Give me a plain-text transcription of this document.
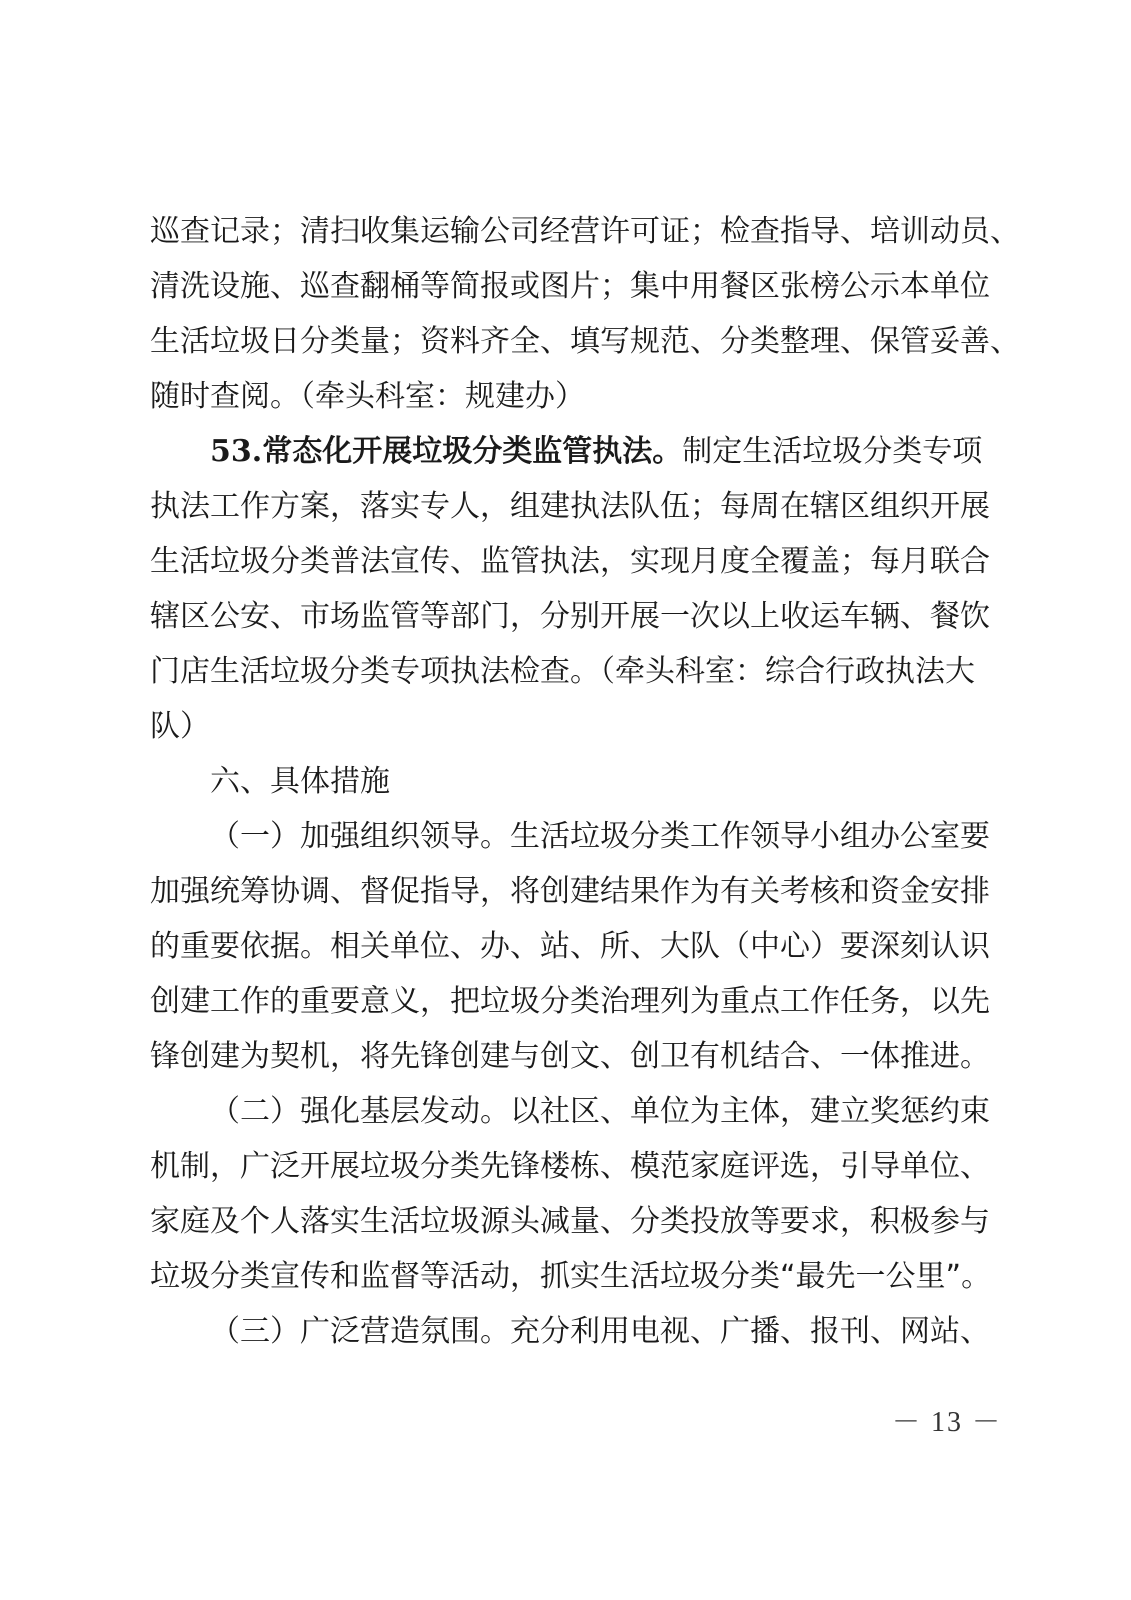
巡查记录；清扫收集运输公司经营许可证；检查指导、培训动员、
清洗设施、巡查翻桶等简报或图片；集中用餐区张榜公示本单位
生活垃圾日分类量；资料齐全、填写规范、分类整理、保管妥善、
随时查阅。（牵头科室：规建办）
53.常态化开展垃圾分类监管执法。制定生活垃圾分类专项
执法工作方案，落实专人，组建执法队伍；每周在辖区组织开展
生活垃圾分类普法宣传、监管执法，实现月度全覆盖；每月联合
辖区公安、市场监管等部门，分别开展一次以上收运车辆、餐饮
门店生活垃圾分类专项执法检查。（牵头科室：综合行政执法大
队）
六、具体措施
（一）加强组织领导。生活垃圾分类工作领导小组办公室要
加强统筹协调、督促指导，将创建结果作为有关考核和资金安排
的重要依据。相关单位、办、站、所、大队（中心）要深刻认识
创建工作的重要意义，把垃圾分类治理列为重点工作任务，以先
锋创建为契机，将先锋创建与创文、创卫有机结合、一体推进。
（二）强化基层发动。以社区、单位为主体，建立奖惩约束
机制，广泛开展垃圾分类先锋楼栋、模范家庭评选，引导单位、
家庭及个人落实生活垃圾源头减量、分类投放等要求，积极参与
垃圾分类宣传和监督等活动，抓实生活垃圾分类“最先一公里”。
（三）广泛营造氛围。充分利用电视、广播、报刊、网站、
－ 13 －
